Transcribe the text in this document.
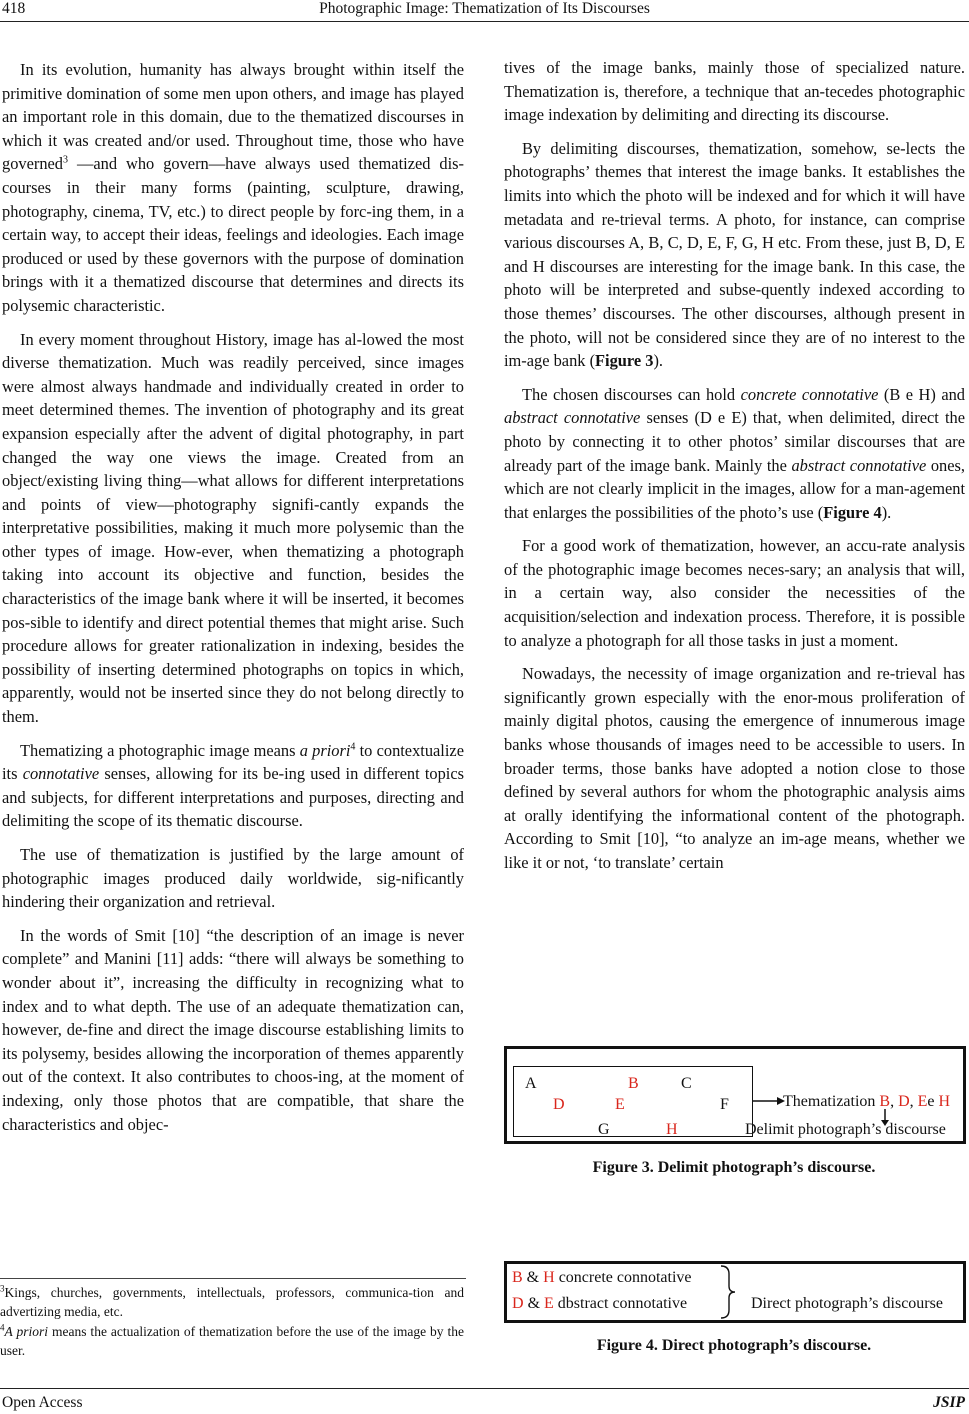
418	Photographic Image: Thematization of Its Discourses

In its evolution, humanity has always brought within itself the primitive domination of some men upon others, and image has played an important role in this domain, due to the thematized discourses in which it was created and/or used. Throughout time, those who have governed$^3$ —and who govern—have always used thematized dis-courses in their many forms (painting, sculpture, drawing, photography, cinema, TV, etc.) to direct people by forc-ing them, in a certain way, to accept their ideas, feelings and ideologies. Each image produced or used by these governors with the purpose of domination brings with it a thematized discourse that determines and directs its polysemic characteristic.

In every moment throughout History, image has al-lowed the most diverse thematization. Much was readily perceived, since images were almost always handmade and individually created in order to meet determined themes. The invention of photography and its great expansion especially after the advent of digital photography, in part changed the way one views the image. Created from an object/existing living thing—what allows for different interpretations and points of view—photography signifi-cantly expands the interpretative possibilities, making it much more polysemic than the other types of image. How-ever, when thematizing a photograph taking into account its objective and function, besides the characteristics of the image bank where it will be inserted, it becomes pos-sible to identify and direct potential themes that might arise. Such procedure allows for greater rationalization in indexing, besides the possibility of inserting determined photographs on topics in which, apparently, would not be inserted since they do not belong directly to them.

Thematizing a photographic image means a priori$^4$ to contextualize its connotative senses, allowing for its be-ing used in different topics and subjects, for different interpretations and purposes, directing and delimiting the scope of its thematic discourse.

The use of thematization is justified by the large amount of photographic images produced daily worldwide, sig-nificantly hindering their organization and retrieval.

In the words of Smit [10] “the description of an image is never complete” and Manini [11] adds: “there will always be something to wonder about it”, increasing the difficulty in recognizing what to index and to what depth. The use of an adequate thematization can, however, de-fine and direct the image discourse establishing limits to its polysemy, besides allowing the incorporation of themes apparently out of the context. It also contributes to choos-ing, at the moment of indexing, only those photos that are compatible, that share the characteristics and objec-

tives of the image banks, mainly those of specialized nature. Thematization is, therefore, a technique that an-tecedes photographic image indexation by delimiting and directing its discourse.

By delimiting discourses, thematization, somehow, se-lects the photographs’ themes that interest the image banks. It establishes the limits into which the photo will be indexed and for which it will have metadata and re-trieval terms. A photo, for instance, can comprise various discourses A, B, C, D, E, F, G, H etc. From these, just B, D, E and H discourses are interesting for the image bank. In this case, the photo will be interpreted and subse-quently indexed according to those themes’ discourses. The other discourses, although present in the photo, will not be considered since they are of no interest to the im-age bank (Figure 3).

The chosen discourses can hold concrete connotative (B e H) and abstract connotative senses (D e E) that, when delimited, direct the photo by connecting it to other photos’ similar discourses that are already part of the image bank. Mainly the abstract connotative ones, which are not clearly implicit in the images, allow for a man-agement that enlarges the possibilities of the photo’s use (Figure 4).

For a good work of thematization, however, an accu-rate analysis of the photographic image becomes neces-sary; an analysis that will, in a certain way, also consider the necessities of the acquisition/selection and indexation process. Therefore, it is possible to analyze a photograph for all those tasks in just a moment.

Nowadays, the necessity of image organization and re-trieval has significantly grown especially with the enor-mous proliferation of mainly digital photos, causing the emergence of innumerous image banks whose thousands of images need to be accessible to users. In broader terms, those banks have adopted a notion close to those defined by several authors for whom the photographic analysis aims at orally identifying the informational content of the photograph. According to Smit [10], “to analyze an im-age means, whether we like it or not, ‘to translate’ certain

A	B	C
D	E	F
G	H
Thematization B, D, Ee H
Delimit photograph’s discourse
Figure 3. Delimit photograph’s discourse.
B & H concrete connotative
D & E dbstract connotative	Direct photograph’s discourse
Figure 4. Direct photograph’s discourse.
$^3$Kings, churches, governments, intellectuals, professors, communica-tion and advertizing media, etc.
$^4$A priori means the actualization of thematization before the use of the image by the user.
Open Access	JSIP
